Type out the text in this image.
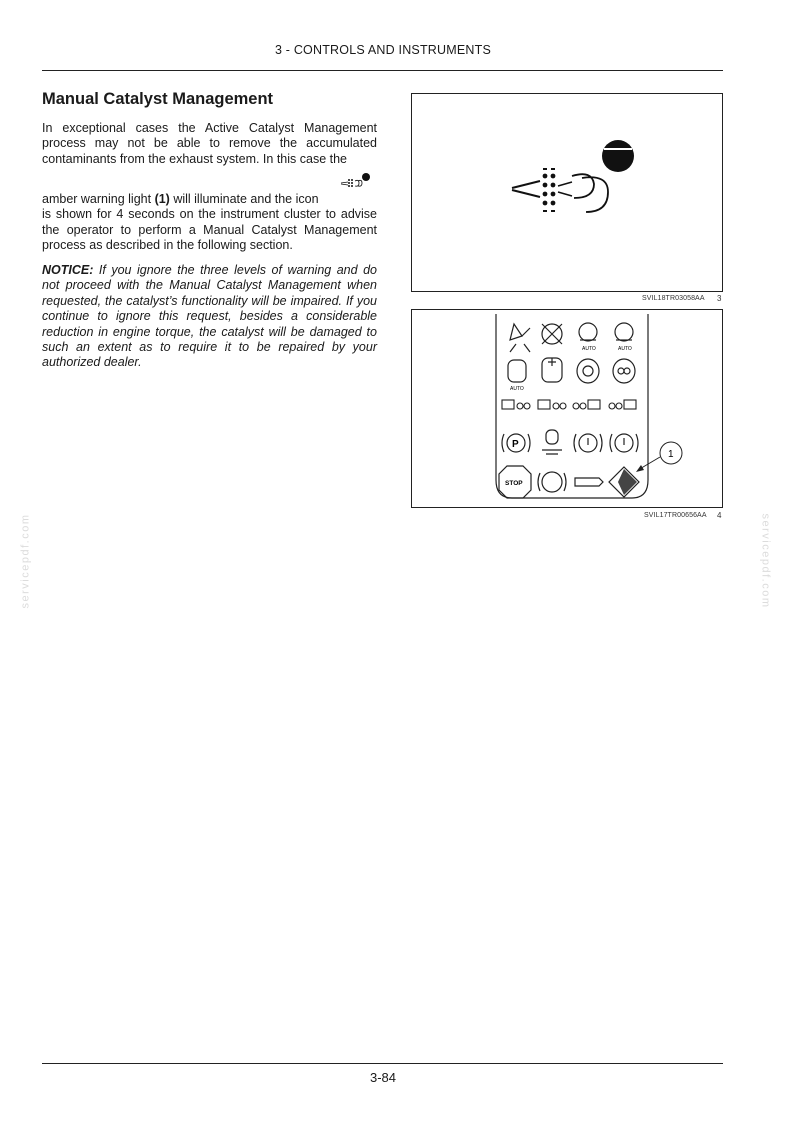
3 - CONTROLS AND INSTRUMENTS
Manual Catalyst Management
In exceptional cases the Active Catalyst Management process may not be able to remove the accumulated contaminants from the exhaust system. In this case the
amber warning light (1) will illuminate and the icon
is shown for 4 seconds on the instrument cluster to advise the operator to perform a Manual Catalyst Management process as described in the following section.
NOTICE: If you ignore the three levels of warning and do not proceed with the Manual Catalyst Management when requested, the catalyst’s functionality will be impaired. If you continue to ignore this request, besides a considerable reduction in engine torque, the catalyst will be damaged to such an extent as to require it to be repaired by your authorized dealer.
SVIL18TR03058AA 3
AUTO	AUTO
AUTO
P
STOP
1
SVIL17TR00656AA 4
servicepdf.com	servicepdf.com
3-84
